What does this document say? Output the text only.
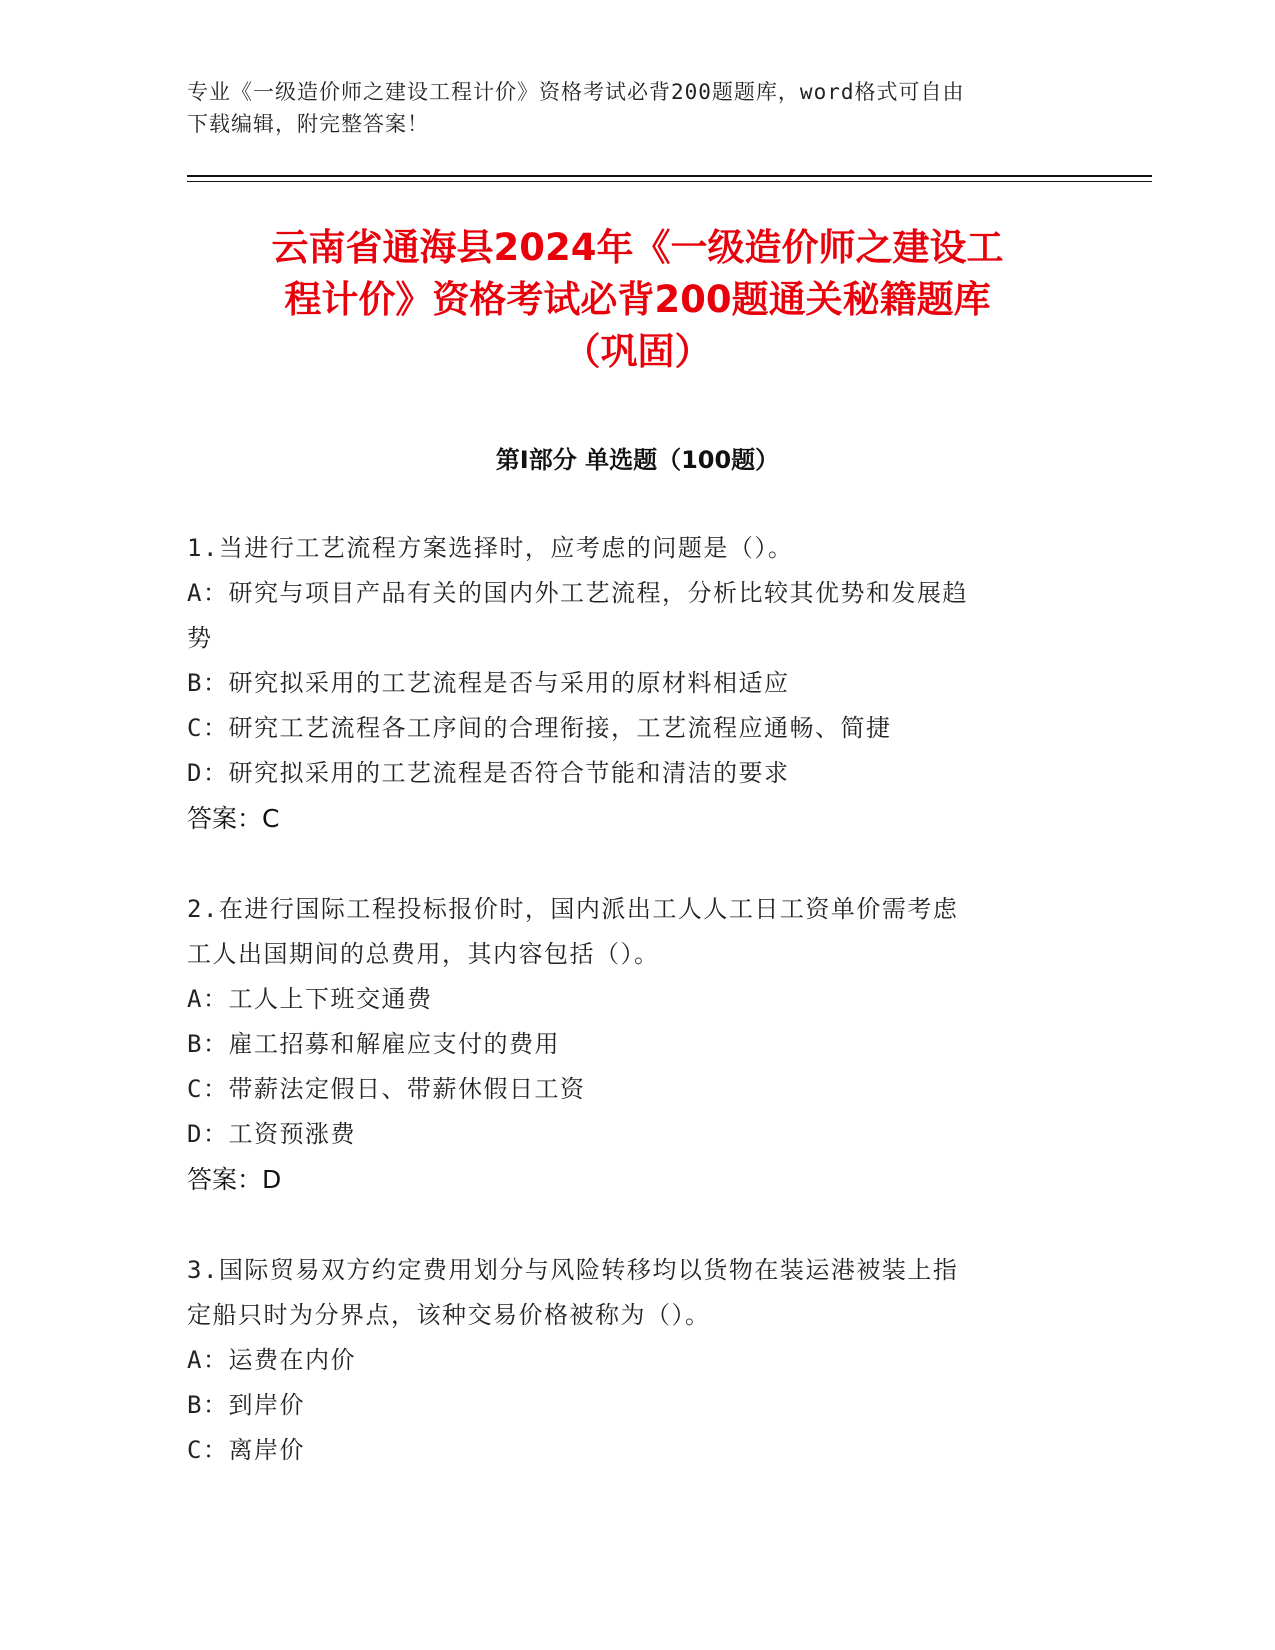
专业《一级造价师之建设工程计价》资格考试必背200题题库，word格式可自由
下载编辑，附完整答案！
云南省通海县2024年《一级造价师之建设工
程计价》资格考试必背200题通关秘籍题库
（巩固）
第Ⅰ部分 单选题（100题）

1.当进行工艺流程方案选择时，应考虑的问题是（）。

A：研究与项目产品有关的国内外工艺流程，分析比较其优势和发展趋

势

B：研究拟采用的工艺流程是否与采用的原材料相适应

C：研究工艺流程各工序间的合理衔接，工艺流程应通畅、简捷

D：研究拟采用的工艺流程是否符合节能和清洁的要求

答案：C

2.在进行国际工程投标报价时，国内派出工人人工日工资单价需考虑

工人出国期间的总费用，其内容包括（）。

A：工人上下班交通费

B：雇工招募和解雇应支付的费用

C：带薪法定假日、带薪休假日工资

D：工资预涨费

答案：D

3.国际贸易双方约定费用划分与风险转移均以货物在装运港被装上指

定船只时为分界点，该种交易价格被称为（）。

A：运费在内价

B：到岸价

C：离岸价
